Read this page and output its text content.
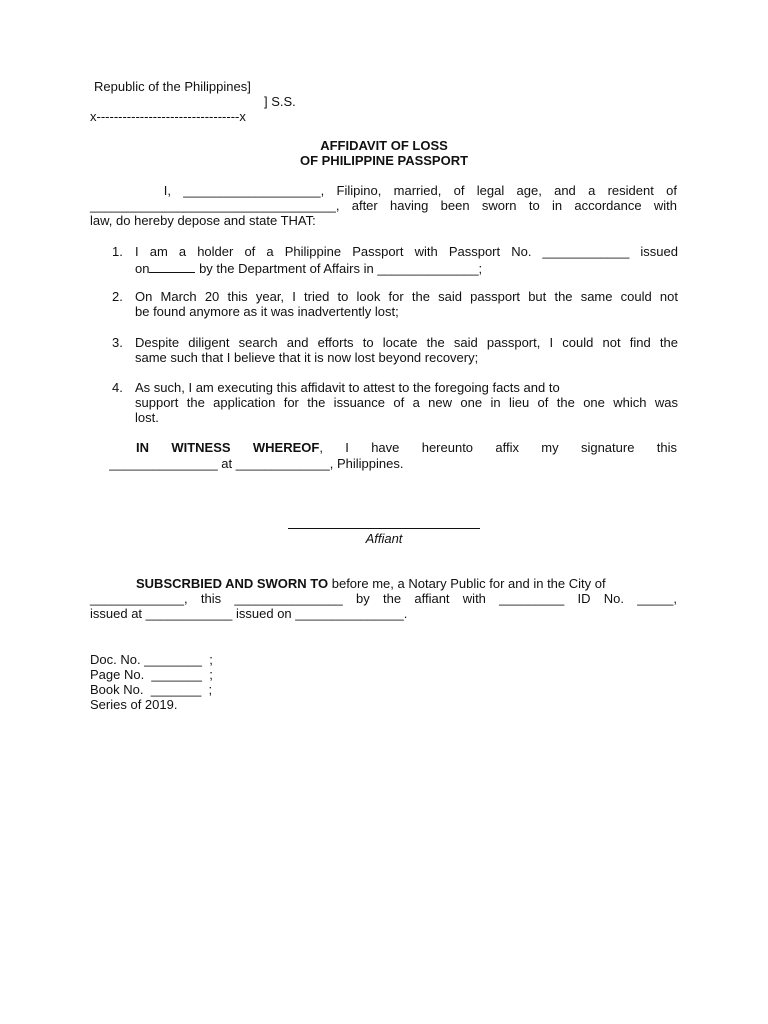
Republic of the Philippines]
] S.S.
x---------------------------------x
AFFIDAVIT OF LOSS
OF PHILIPPINE PASSPORT
I,  ___________________,  Filipino,  married,  of  legal  age,  and  a  resident  of
__________________________________, after having been sworn to in accordance with
law, do hereby depose and state THAT:
1. I am a holder of a Philippine Passport with Passport No. ____________ issued
on	by the Department of Affairs in ______________;
2. On March 20 this year, I tried to look for the said passport but the same could not
be found anymore as it was inadvertently lost;
3. Despite diligent search and efforts to locate the said passport, I could not find the
same such that I believe that it is now lost beyond recovery;
4. As such, I am executing this affidavit to attest to the foregoing facts and to
support the application for the issuance of a new one in lieu of the one which was
lost.
IN  WITNESS  WHEREOF,  I  have  hereunto  affix  my  signature  this
_______________ at _____________, Philippines.
Affiant
SUBSCRBIED AND SWORN TO before me, a Notary Public for and in the City of
_____________, this _______________ by the affiant with _________ ID No. _____,
issued at ____________ issued on _______________.
Doc. No. ________  ;
Page No.  _______  ;
Book No.  _______  ;
Series of 2019.
